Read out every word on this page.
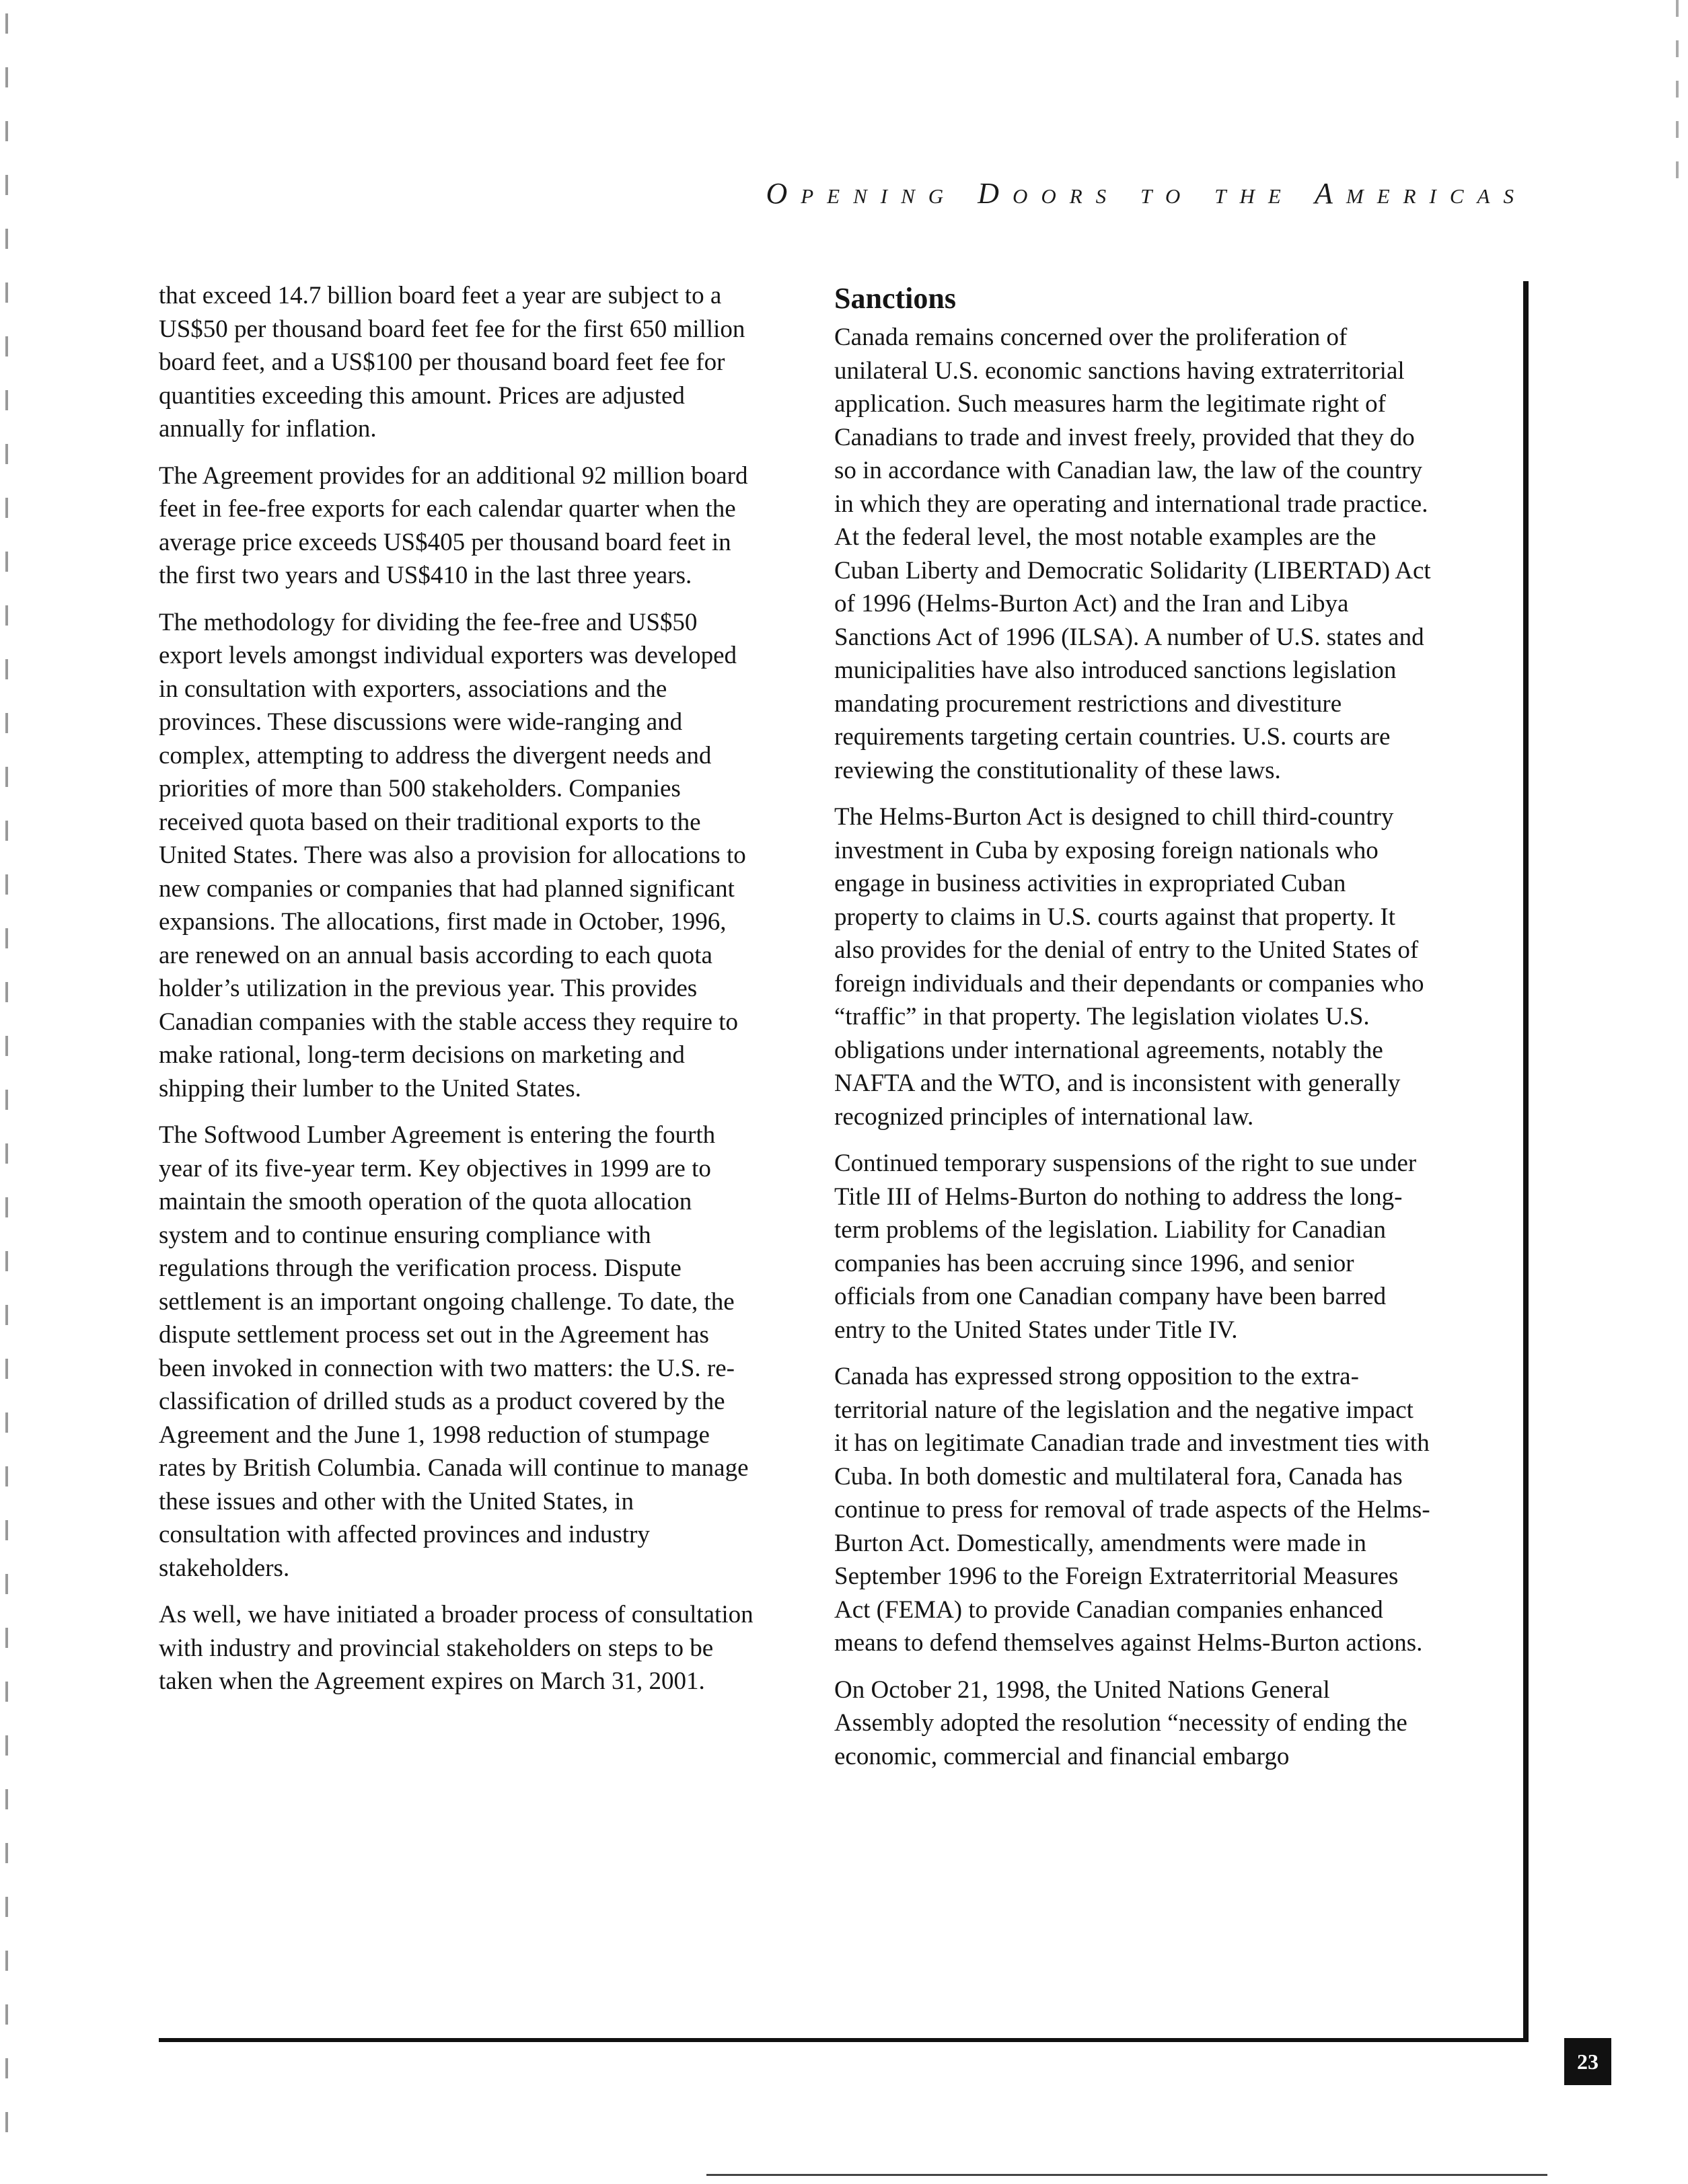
Opening Doors to the Americas

that exceed 14.7 billion board feet a year are subject to a US$50 per thousand board feet fee for the first 650 million board feet, and a US$100 per thousand board feet fee for quantities exceeding this amount. Prices are adjusted annually for inflation.

The Agreement provides for an additional 92 million board feet in fee-free exports for each calendar quarter when the average price exceeds US$405 per thousand board feet in the first two years and US$410 in the last three years.

The methodology for dividing the fee-free and US$50 export levels amongst individual exporters was developed in consultation with exporters, associations and the provinces. These discussions were wide-ranging and complex, attempting to address the divergent needs and priorities of more than 500 stakeholders. Companies received quota based on their traditional exports to the United States. There was also a provision for allocations to new companies or companies that had planned significant expansions. The allocations, first made in October, 1996, are renewed on an annual basis according to each quota holder’s utilization in the previous year. This provides Canadian companies with the stable access they require to make rational, long-term decisions on marketing and shipping their lumber to the United States.

The Softwood Lumber Agreement is entering the fourth year of its five-year term. Key objectives in 1999 are to maintain the smooth operation of the quota allocation system and to continue ensuring compliance with regulations through the verification process. Dispute settlement is an important ongoing challenge. To date, the dispute settlement process set out in the Agreement has been invoked in connection with two matters: the U.S. re-classification of drilled studs as a product covered by the Agreement and the June 1, 1998 reduction of stumpage rates by British Columbia. Canada will continue to manage these issues and other with the United States, in consultation with affected provinces and industry stakeholders.

As well, we have initiated a broader process of consultation with industry and provincial stakeholders on steps to be taken when the Agreement expires on March 31, 2001.

Sanctions

Canada remains concerned over the proliferation of unilateral U.S. economic sanctions having extraterritorial application. Such measures harm the legitimate right of Canadians to trade and invest freely, provided that they do so in accordance with Canadian law, the law of the country in which they are operating and international trade practice. At the federal level, the most notable examples are the Cuban Liberty and Democratic Solidarity (LIBERTAD) Act of 1996 (Helms-Burton Act) and the Iran and Libya Sanctions Act of 1996 (ILSA). A number of U.S. states and municipalities have also introduced sanctions legislation mandating procurement restrictions and divestiture requirements targeting certain countries. U.S. courts are reviewing the constitutionality of these laws.

The Helms-Burton Act is designed to chill third-country investment in Cuba by exposing foreign nationals who engage in business activities in expropriated Cuban property to claims in U.S. courts against that property. It also provides for the denial of entry to the United States of foreign individuals and their dependants or companies who “traffic” in that property. The legislation violates U.S. obligations under international agreements, notably the NAFTA and the WTO, and is inconsistent with generally recognized principles of international law.

Continued temporary suspensions of the right to sue under Title III of Helms-Burton do nothing to address the long-term problems of the legislation. Liability for Canadian companies has been accruing since 1996, and senior officials from one Canadian company have been barred entry to the United States under Title IV.

Canada has expressed strong opposition to the extra-territorial nature of the legislation and the negative impact it has on legitimate Canadian trade and investment ties with Cuba. In both domestic and multilateral fora, Canada has continue to press for removal of trade aspects of the Helms-Burton Act. Domestically, amendments were made in September 1996 to the Foreign Extraterritorial Measures Act (FEMA) to provide Canadian companies enhanced means to defend themselves against Helms-Burton actions.

On October 21, 1998, the United Nations General Assembly adopted the resolution “necessity of ending the economic, commercial and financial embargo

23
